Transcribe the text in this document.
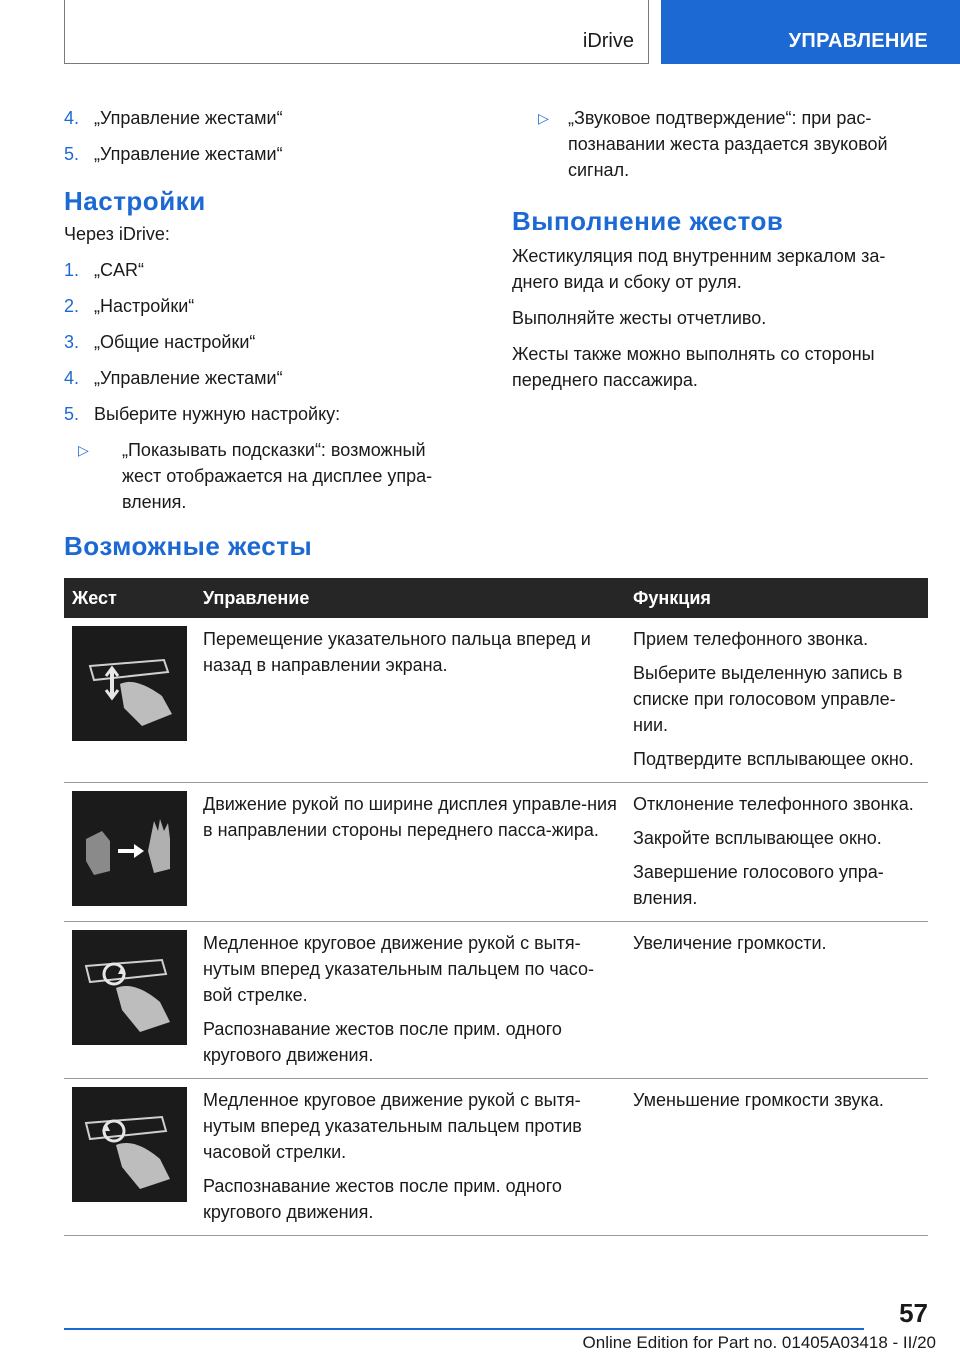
iDrive	УПРАВЛЕНИЕ
4. „Управление жестами“
5. „Управление жестами“
Настройки

Через iDrive:

1. „CAR“
2. „Настройки“
3. „Общие настройки“
4. „Управление жестами“
5. Выберите нужную настройку:
▷ „Показывать подсказки“: возможный жест отображается на дисплее упра-вления.
▷ „Звуковое подтверждение“: при рас-познавании жеста раздается звуковой сигнал.
Выполнение жестов

Жестикуляция под внутренним зеркалом за-днего вида и сбоку от руля.

Выполняйте жесты отчетливо.

Жесты также можно выполнять со стороны переднего пассажира.

Возможные жесты
Жест	Управление	Функция

Перемещение указательного пальца вперед и назад в направлении экрана.	Прием телефонного звонка.

Выберите выделенную запись в списке при голосовом управле-нии.

Подтвердите всплывающее окно.

Движение рукой по ширине дисплея управле-ния в направлении стороны переднего пасса-жира.	Отклонение телефонного звонка.

Закройте всплывающее окно.

Завершение голосового упра-вления.

Медленное круговое движение рукой с вытя-нутым вперед указательным пальцем по часо-вой стрелке.

Распознавание жестов после прим. одного кругового движения.	Увеличение громкости.

Медленное круговое движение рукой с вытя-нутым вперед указательным пальцем против часовой стрелки.

Распознавание жестов после прим. одного кругового движения.	Уменьшение громкости звука.

57
Online Edition for Part no. 01405A03418 - II/20
